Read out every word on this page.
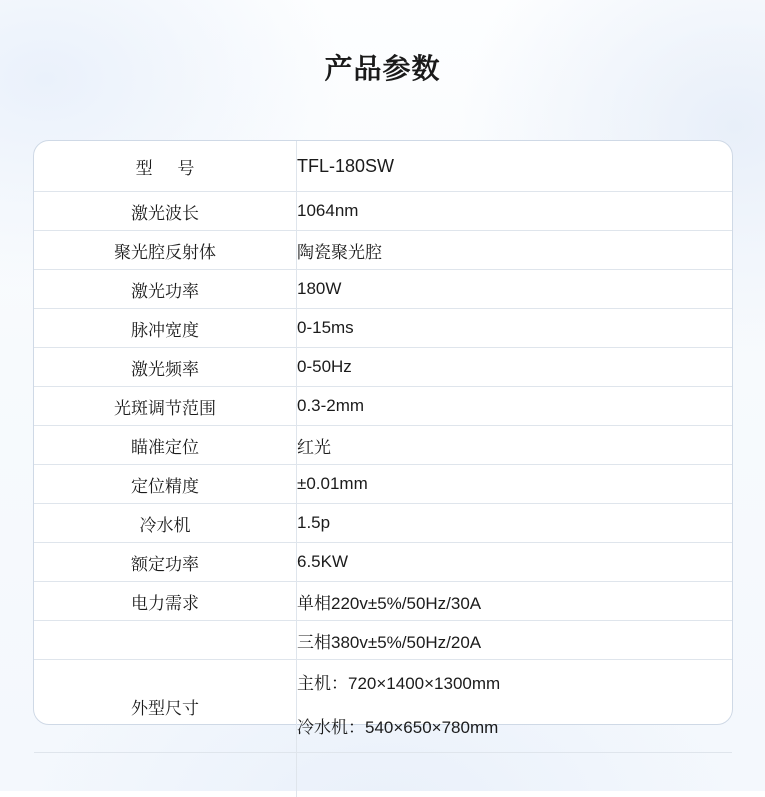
产品参数
型 号	TFL-180SW
激光波长	1064nm
聚光腔反射体	陶瓷聚光腔
激光功率	180W
脉冲宽度	0-15ms
激光频率	0-50Hz
光斑调节范围	0.3-2mm
瞄准定位	红光
定位精度	±0.01mm
冷水机	1.5p
额定功率	6.5KW
电力需求	单相220v±5%/50Hz/30A
	三相380v±5%/50Hz/20A
外型尺寸	主机：720×1400×1300mm
冷水机：540×650×780mm
